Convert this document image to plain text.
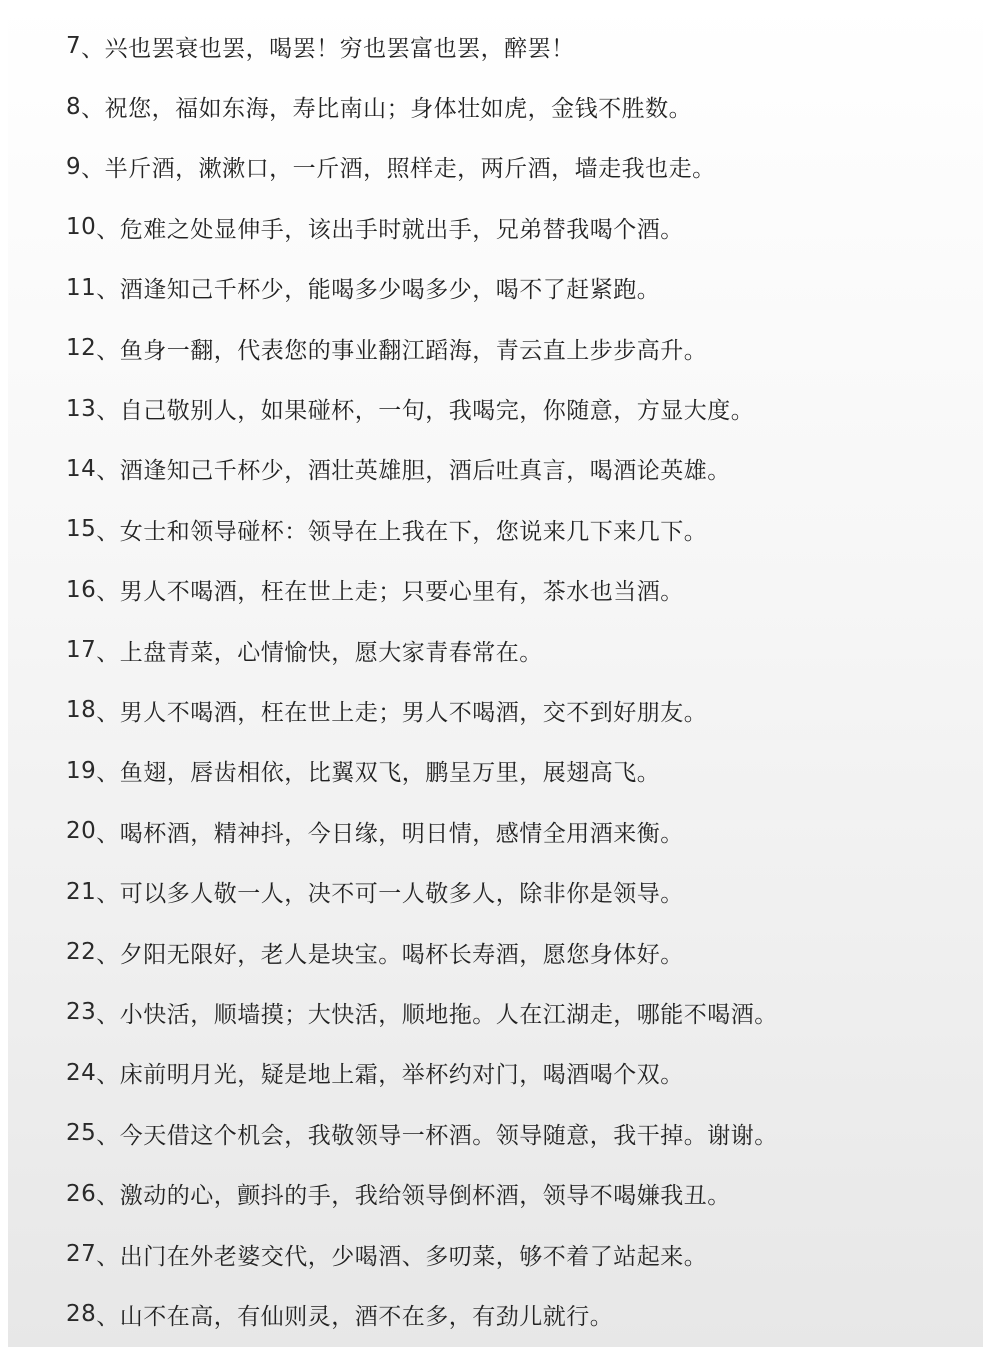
7 、 兴也罢衰也罢，喝罢！穷也罢富也罢，醉罢！
8 、 祝您，福如东海，寿比南山；身体壮如虎，金钱不胜数。
9 、 半斤酒，漱漱口，一斤酒，照样走，两斤酒，墙走我也走。
10 、 危难之处显伸手，该出手时就出手，兄弟替我喝个酒。
11 、 酒逢知己千杯少，能喝多少喝多少，喝不了赶紧跑。
12 、 鱼身一翻，代表您的事业翻江蹈海，青云直上步步高升。
13 、 自己敬别人，如果碰杯，一句，我喝完，你随意，方显大度。
14 、 酒逢知己千杯少，酒壮英雄胆，酒后吐真言，喝酒论英雄。
15 、 女士和领导碰杯：领导在上我在下，您说来几下来几下。
16 、 男人不喝酒，枉在世上走；只要心里有，茶水也当酒。
17 、 上盘青菜，心情愉快，愿大家青春常在。
18 、 男人不喝酒，枉在世上走；男人不喝酒，交不到好朋友。
19 、 鱼翅，唇齿相依，比翼双飞，鹏呈万里，展翅高飞。
20 、 喝杯酒，精神抖，今日缘，明日情，感情全用酒来衡。
21 、 可以多人敬一人，决不可一人敬多人，除非你是领导。
22 、 夕阳无限好，老人是块宝。喝杯长寿酒，愿您身体好。
23 、 小快活，顺墙摸；大快活，顺地拖。人在江湖走，哪能不喝酒。
24 、 床前明月光，疑是地上霜，举杯约对门，喝酒喝个双。
25 、 今天借这个机会，我敬领导一杯酒。领导随意，我干掉。谢谢。
26 、 激动的心，颤抖的手，我给领导倒杯酒，领导不喝嫌我丑。
27 、 出门在外老婆交代，少喝酒、多叨菜，够不着了站起来。
28 、 山不在高，有仙则灵，酒不在多，有劲儿就行。
